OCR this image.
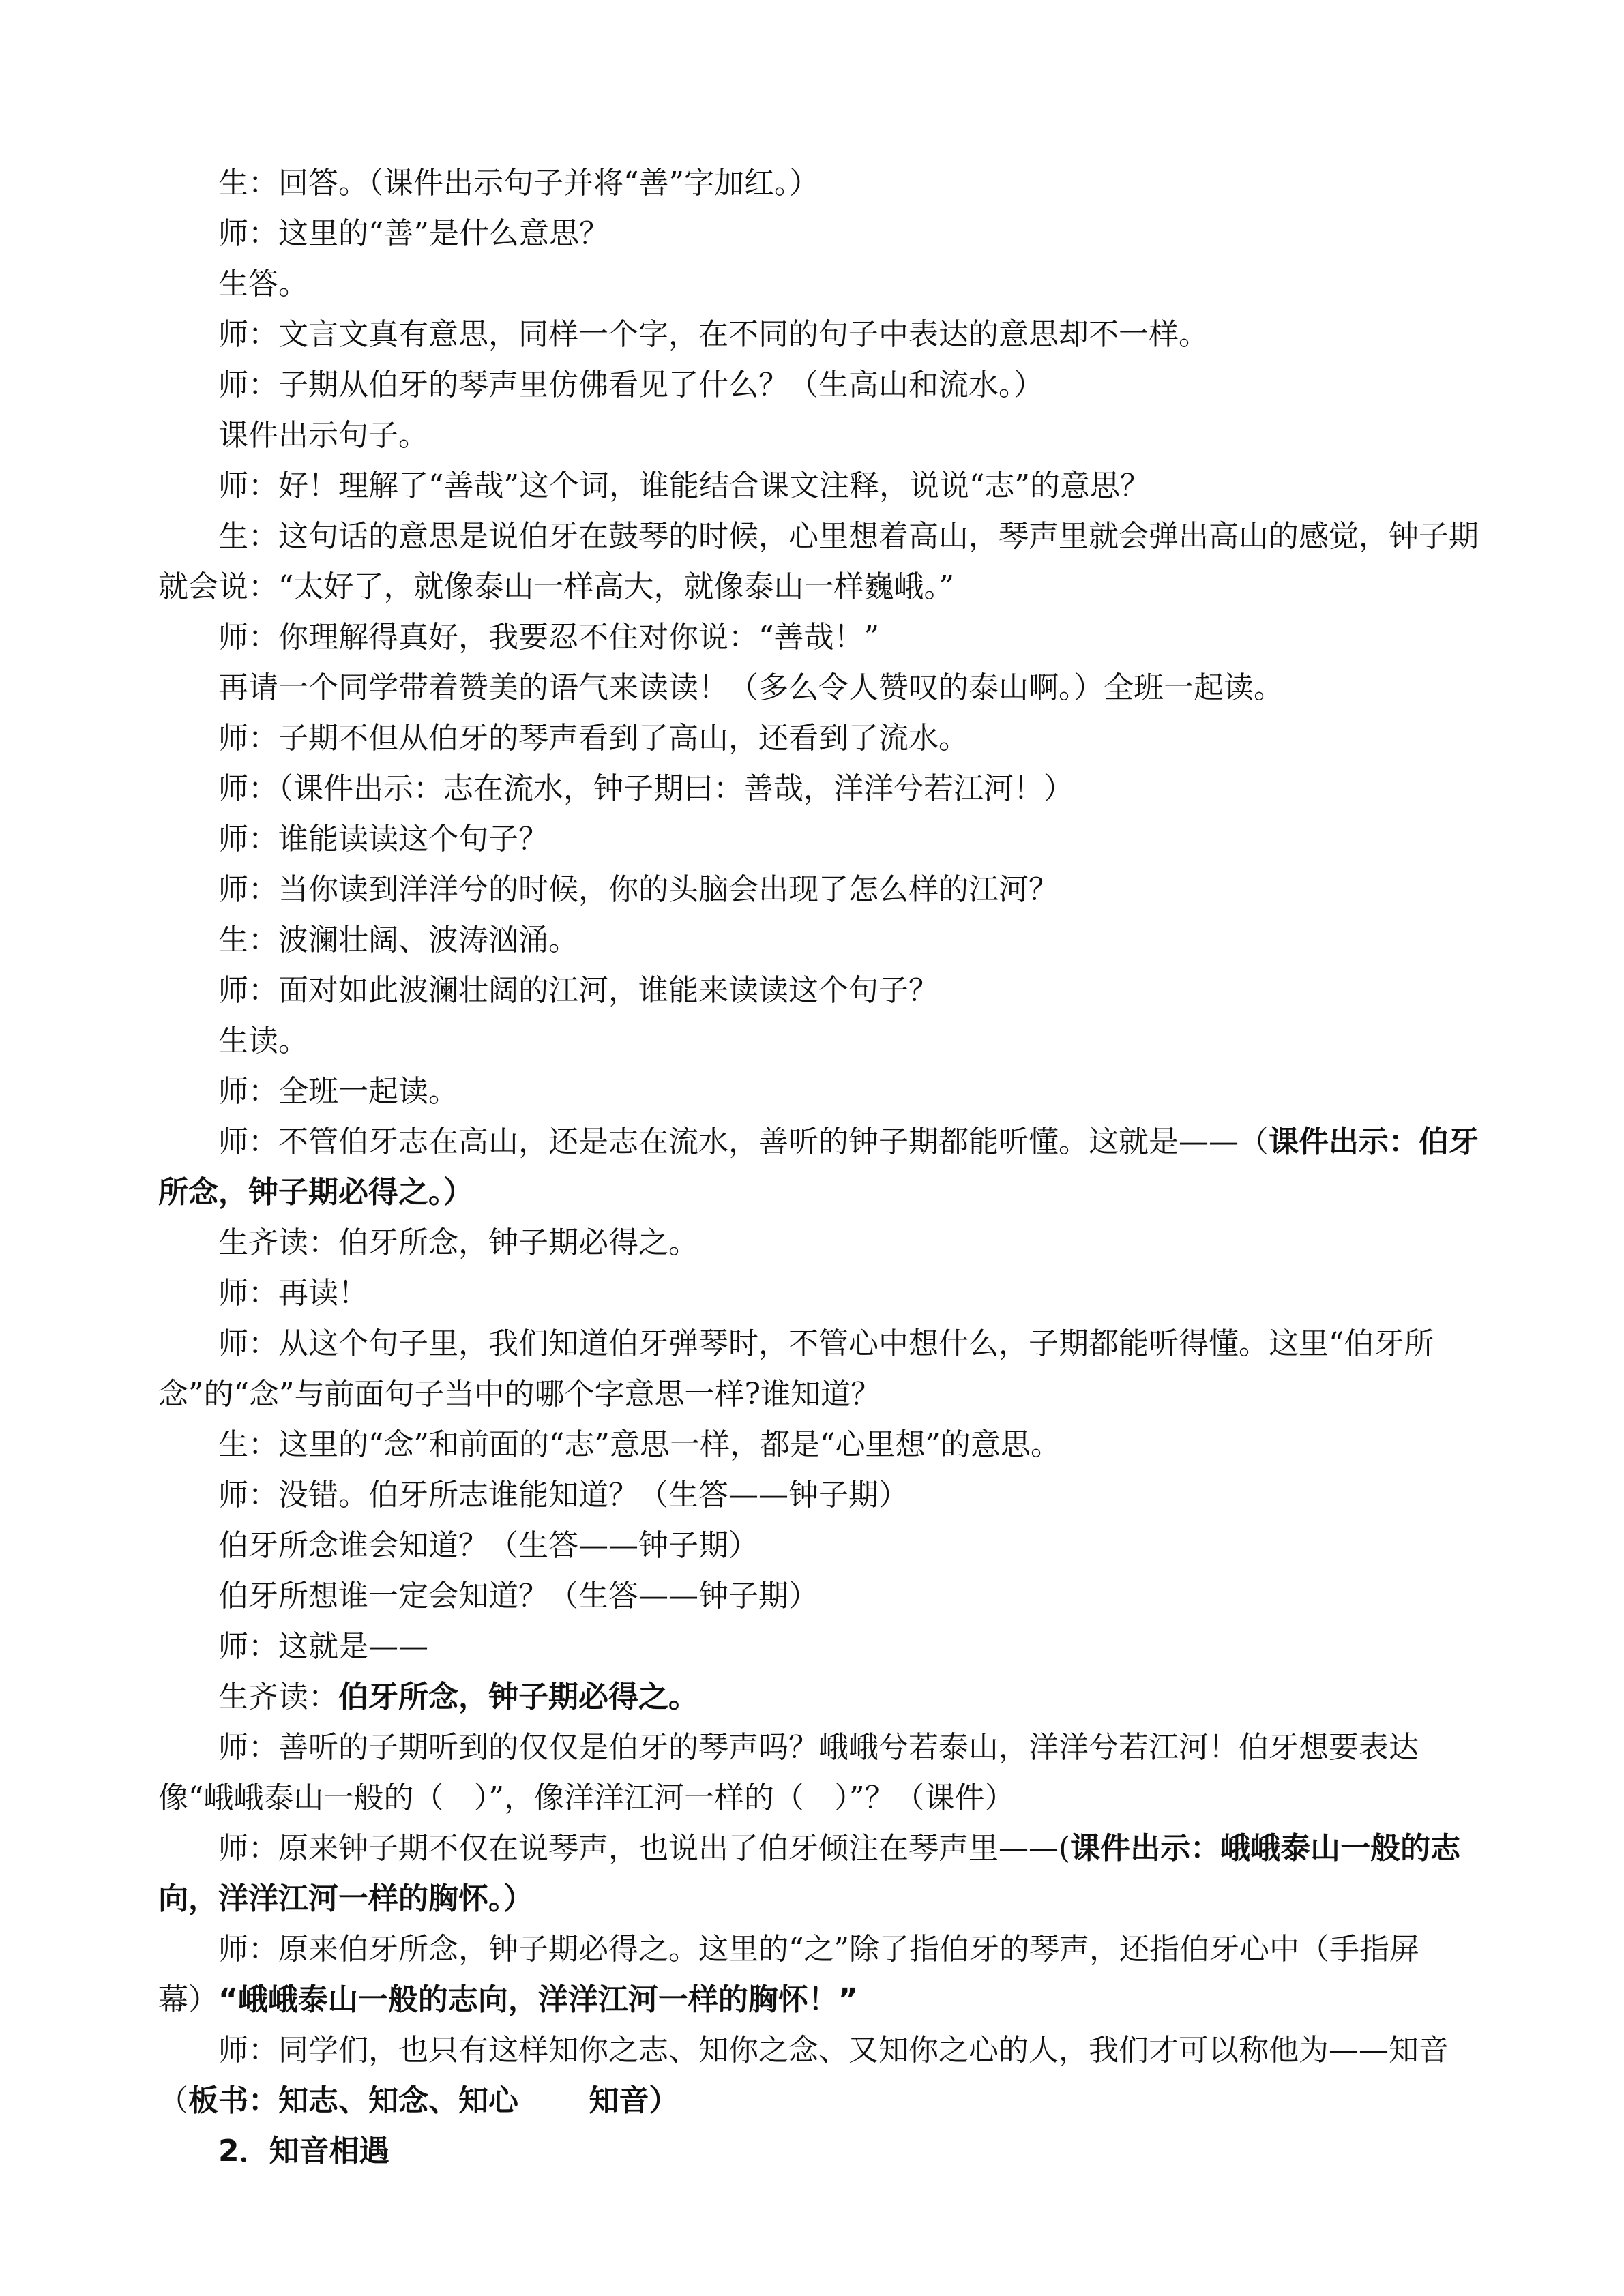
生：回答。（课件出示句子并将“善”字加红。）

师：这里的“善”是什么意思？

生答。

师：文言文真有意思，同样一个字，在不同的句子中表达的意思却不一样。

师：子期从伯牙的琴声里仿佛看见了什么？（生高山和流水。）

课件出示句子。

师：好！理解了“善哉”这个词，谁能结合课文注释，说说“志”的意思？

生：这句话的意思是说伯牙在鼓琴的时候，心里想着高山，琴声里就会弹出高山的感觉，钟子期就会说：“太好了，就像泰山一样高大，就像泰山一样巍峨。”

师：你理解得真好，我要忍不住对你说：“善哉！”

再请一个同学带着赞美的语气来读读！（多么令人赞叹的泰山啊。）全班一起读。

师：子期不但从伯牙的琴声看到了高山，还看到了流水。

师：（课件出示：志在流水，钟子期曰：善哉，洋洋兮若江河！）

师：谁能读读这个句子？

师：当你读到洋洋兮的时候，你的头脑会出现了怎么样的江河？

生：波澜壮阔、波涛汹涌。

师：面对如此波澜壮阔的江河，谁能来读读这个句子？

生读。

师：全班一起读。

师：不管伯牙志在高山，还是志在流水，善听的钟子期都能听懂。这就是——（课件出示：伯牙所念，钟子期必得之。）

生齐读：伯牙所念，钟子期必得之。

师：再读！

师：从这个句子里，我们知道伯牙弹琴时，不管心中想什么，子期都能听得懂。这里“伯牙所念”的“念”与前面句子当中的哪个字意思一样?谁知道？

生：这里的“念”和前面的“志”意思一样，都是“心里想”的意思。

师：没错。伯牙所志谁能知道？（生答——钟子期）

伯牙所念谁会知道？（生答——钟子期）

伯牙所想谁一定会知道？（生答——钟子期）

师：这就是——

生齐读：伯牙所念，钟子期必得之。

师：善听的子期听到的仅仅是伯牙的琴声吗？峨峨兮若泰山，洋洋兮若江河！伯牙想要表达像“峨峨泰山一般的（　）”，像洋洋江河一样的（　）”？（课件）

师：原来钟子期不仅在说琴声，也说出了伯牙倾注在琴声里——(课件出示：峨峨泰山一般的志向，洋洋江河一样的胸怀。）

师：原来伯牙所念，钟子期必得之。这里的“之”除了指伯牙的琴声，还指伯牙心中（手指屏幕）“峨峨泰山一般的志向，洋洋江河一样的胸怀！”

师：同学们，也只有这样知你之志、知你之念、又知你之心的人，我们才可以称他为——知音（板书：知志、知念、知心　　 知音）

2．知音相遇
